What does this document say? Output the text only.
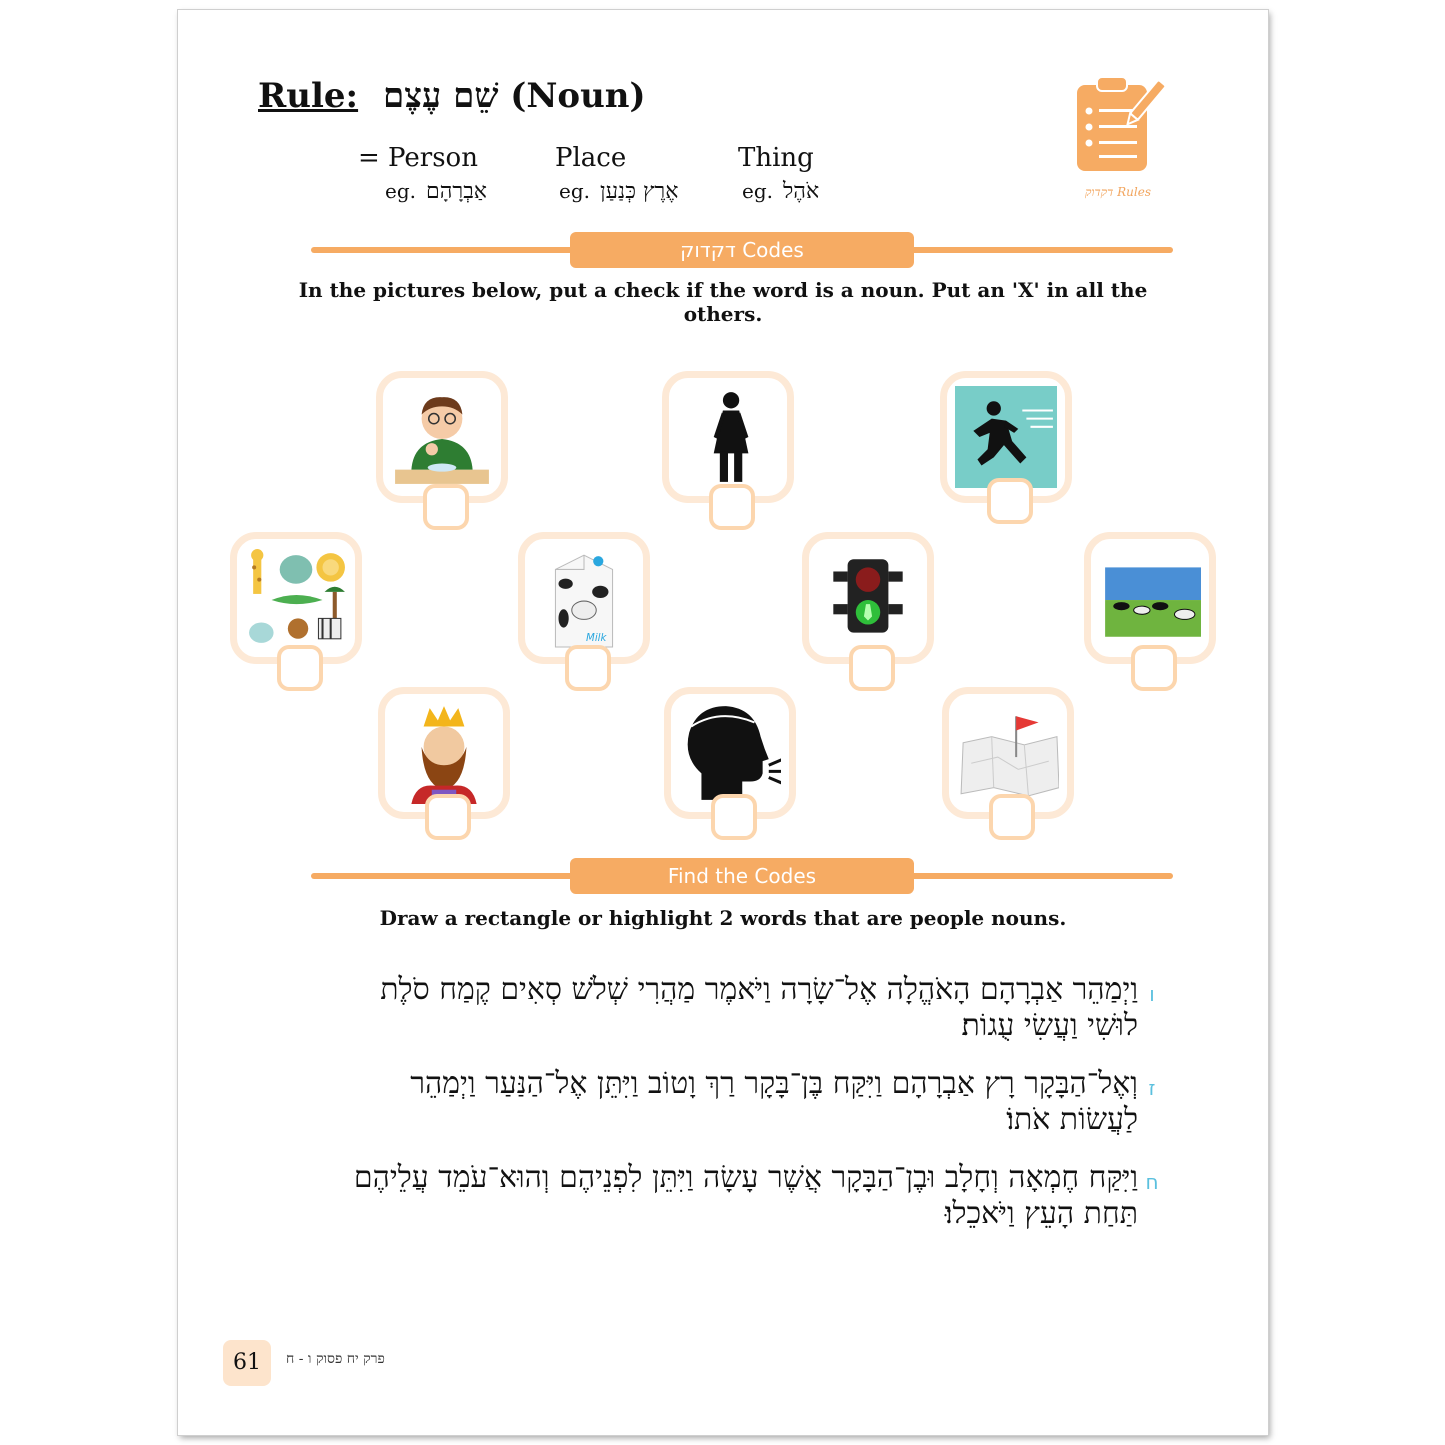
Rule: שֵׁם עֶצֶם (Noun)
= Person
eg. אַבְרָהָם
Place
eg. אֶרֶץ כְּנַעַן
Thing
eg. אֹהֶל	דקדוק Rules
דקדוק Codes
In the pictures below, put a check if the word is a noun. Put an 'X' in all the others.
Milk
Find the Codes
Draw a rectangle or highlight 2 words that are people nouns.
ו
וַיְמַהֵר אַבְרָהָם הָאֹהֱלָה אֶל־שָׂרָה וַיֹּאמֶר מַהֲרִי שְׁלֹשׁ סְאִים קֶמַח סֹלֶת לוּשִׁי וַעֲשִׂי עֻגוֹת׃
ז
וְאֶל־הַבָּקָר רָץ אַבְרָהָם וַיִּקַּח בֶּן־בָּקָר רַךְ וָטוֹב וַיִּתֵּן אֶל־הַנַּעַר וַיְמַהֵר לַעֲשׂוֹת אֹתוֹ׃
ח
וַיִּקַּח חֶמְאָה וְחָלָב וּבֶן־הַבָּקָר אֲשֶׁר עָשָׂה וַיִּתֵּן לִפְנֵיהֶם וְהוּא־עֹמֵד עֲלֵיהֶם תַּחַת הָעֵץ וַיֹּאכֵלוּ׃
61	פרק יח פסוק ו - ח
